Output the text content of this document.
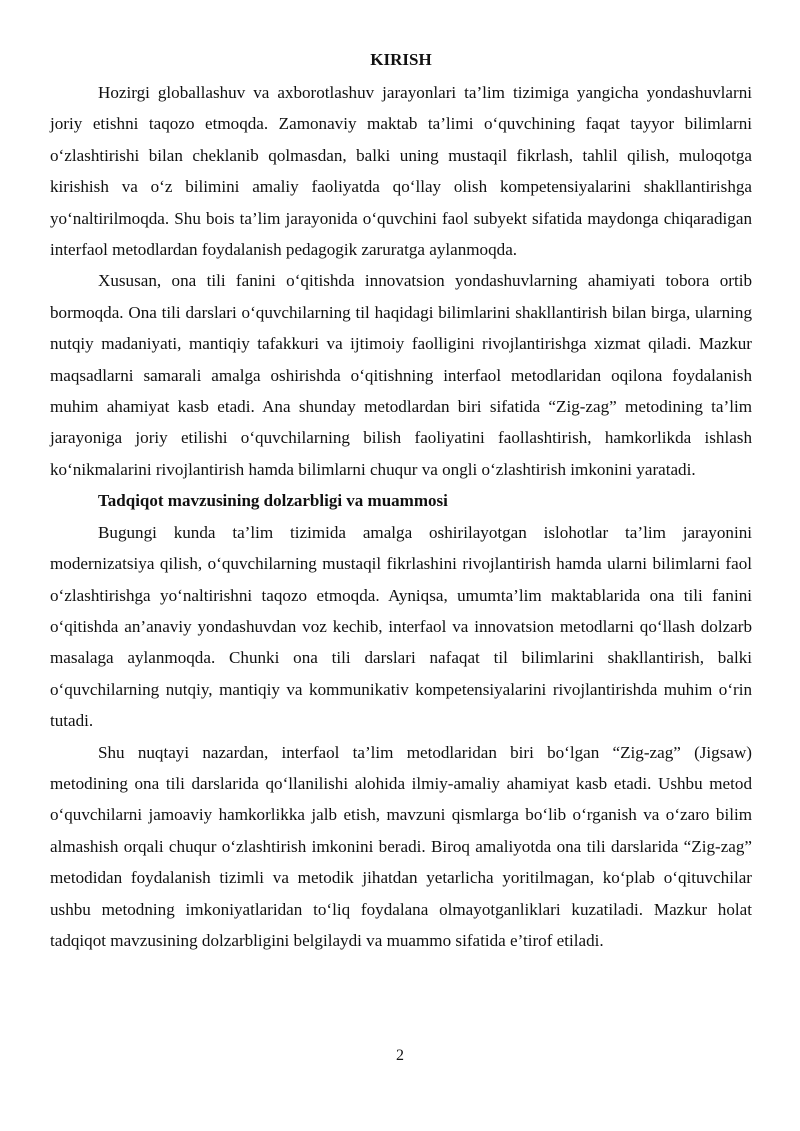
KIRISH

Hozirgi globallashuv va axborotlashuv jarayonlari ta’lim tizimiga yangicha yondashuvlarni joriy etishni taqozo etmoqda. Zamonaviy maktab ta’limi o‘quvchining faqat tayyor bilimlarni o‘zlashtirishi bilan cheklanib qolmasdan, balki uning mustaqil fikrlash, tahlil qilish, muloqotga kirishish va o‘z bilimini amaliy faoliyatda qo‘llay olish kompetensiyalarini shakllantirishga yo‘naltirilmoqda. Shu bois ta’lim jarayonida o‘quvchini faol subyekt sifatida maydonga chiqaradigan interfaol metodlardan foydalanish pedagogik zaruratga aylanmoqda.

Xususan, ona tili fanini o‘qitishda innovatsion yondashuvlarning ahamiyati tobora ortib bormoqda. Ona tili darslari o‘quvchilarning til haqidagi bilimlarini shakllantirish bilan birga, ularning nutqiy madaniyati, mantiqiy tafakkuri va ijtimoiy faolligini rivojlantirishga xizmat qiladi. Mazkur maqsadlarni samarali amalga oshirishda o‘qitishning interfaol metodlaridan oqilona foydalanish muhim ahamiyat kasb etadi. Ana shunday metodlardan biri sifatida “Zig-zag” metodining ta’lim jarayoniga joriy etilishi o‘quvchilarning bilish faoliyatini faollashtirish, hamkorlikda ishlash ko‘nikmalarini rivojlantirish hamda bilimlarni chuqur va ongli o‘zlashtirish imkonini yaratadi.

Tadqiqot mavzusining dolzarbligi va muammosi

Bugungi kunda ta’lim tizimida amalga oshirilayotgan islohotlar ta’lim jarayonini modernizatsiya qilish, o‘quvchilarning mustaqil fikrlashini rivojlantirish hamda ularni bilimlarni faol o‘zlashtirishga yo‘naltirishni taqozo etmoqda. Ayniqsa, umumta’lim maktablarida ona tili fanini o‘qitishda an’anaviy yondashuvdan voz kechib, interfaol va innovatsion metodlarni qo‘llash dolzarb masalaga aylanmoqda. Chunki ona tili darslari nafaqat til bilimlarini shakllantirish, balki o‘quvchilarning nutqiy, mantiqiy va kommunikativ kompetensiyalarini rivojlantirishda muhim o‘rin tutadi.

Shu nuqtayi nazardan, interfaol ta’lim metodlaridan biri bo‘lgan “Zig-zag” (Jigsaw) metodining ona tili darslarida qo‘llanilishi alohida ilmiy-amaliy ahamiyat kasb etadi. Ushbu metod o‘quvchilarni jamoaviy hamkorlikka jalb etish, mavzuni qismlarga bo‘lib o‘rganish va o‘zaro bilim almashish orqali chuqur o‘zlashtirish imkonini beradi. Biroq amaliyotda ona tili darslarida “Zig-zag” metodidan foydalanish tizimli va metodik jihatdan yetarlicha yoritilmagan, ko‘plab o‘qituvchilar ushbu metodning imkoniyatlaridan to‘liq foydalana olmayotganliklari kuzatiladi. Mazkur holat tadqiqot mavzusining dolzarbligini belgilaydi va muammo sifatida e’tirof etiladi.

2
